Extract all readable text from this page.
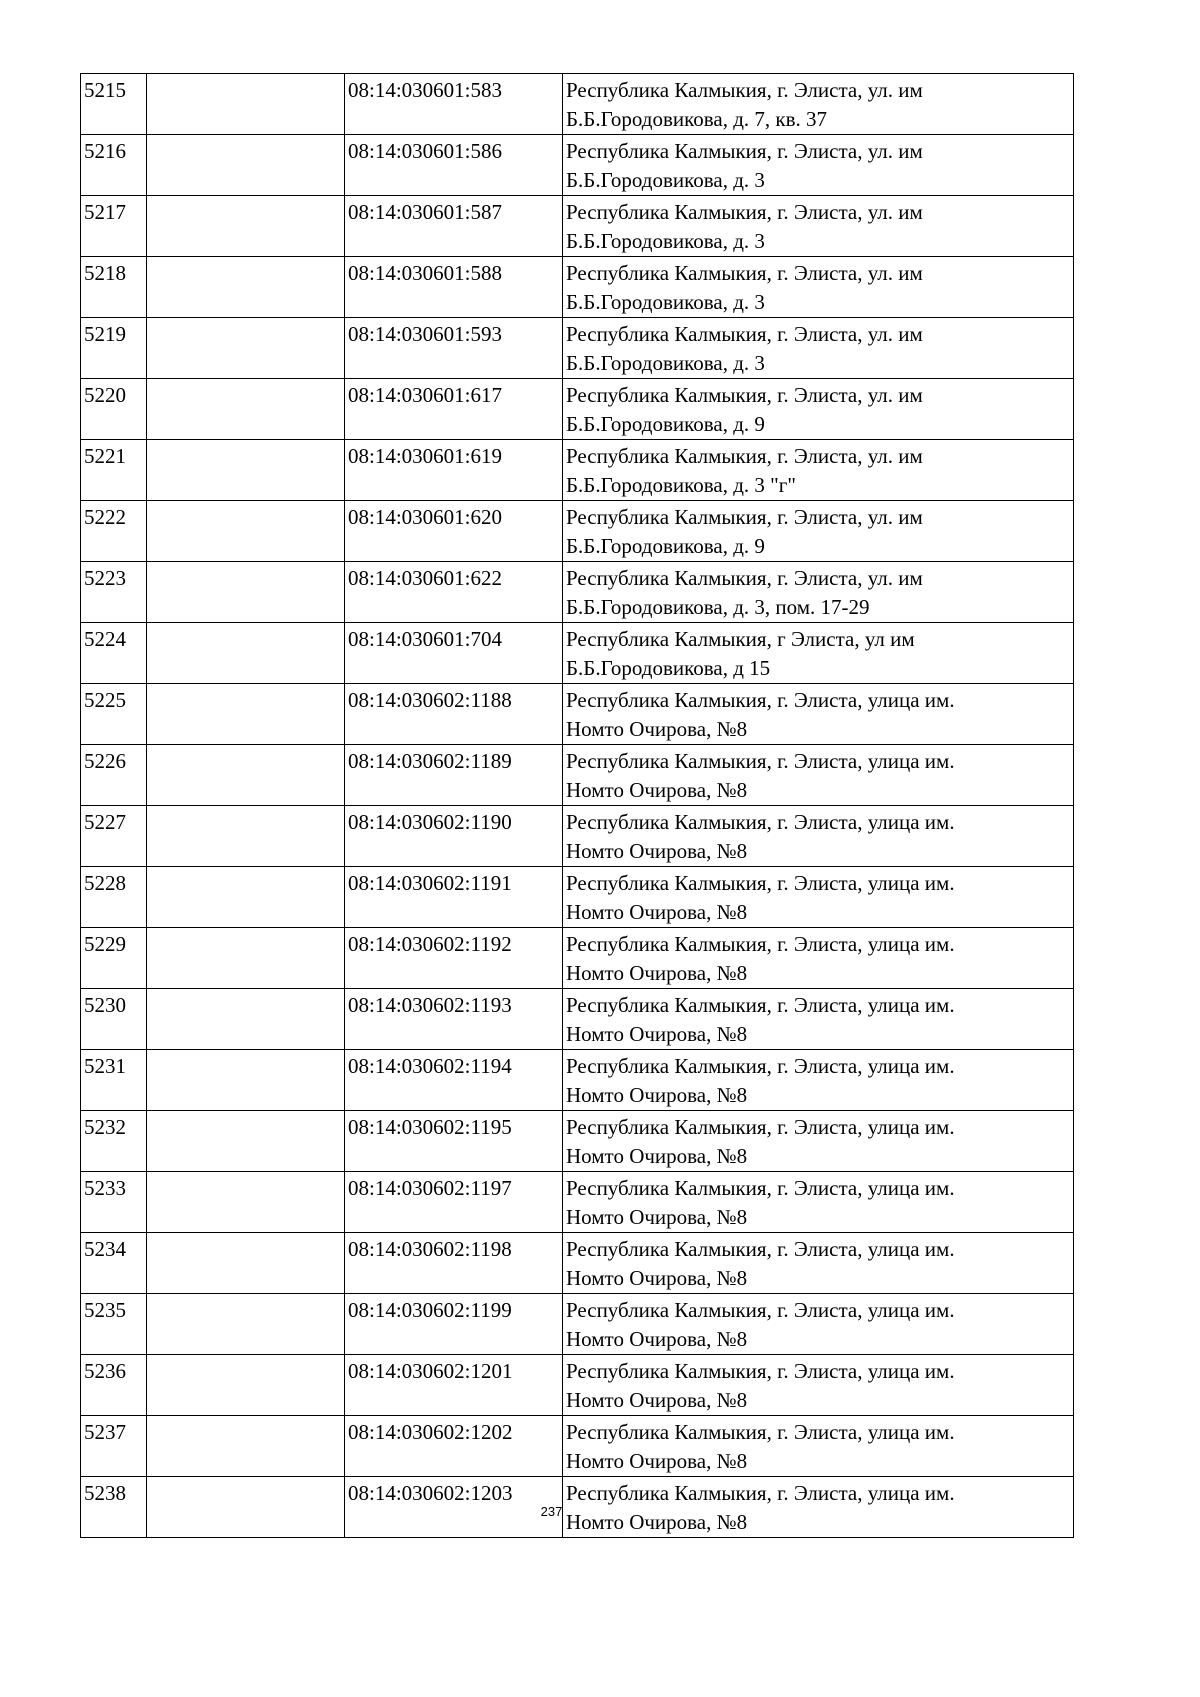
5215		08:14:030601:583	Республика Калмыкия, г. Элиста, ул. им
Б.Б.Городовикова, д. 7, кв. 37

5216		08:14:030601:586	Республика Калмыкия, г. Элиста, ул. им
Б.Б.Городовикова, д. 3

5217		08:14:030601:587	Республика Калмыкия, г. Элиста, ул. им
Б.Б.Городовикова, д. 3

5218		08:14:030601:588	Республика Калмыкия, г. Элиста, ул. им
Б.Б.Городовикова, д. 3

5219		08:14:030601:593	Республика Калмыкия, г. Элиста, ул. им
Б.Б.Городовикова, д. 3

5220		08:14:030601:617	Республика Калмыкия, г. Элиста, ул. им
Б.Б.Городовикова, д. 9

5221		08:14:030601:619	Республика Калмыкия, г. Элиста, ул. им
Б.Б.Городовикова, д. 3 "г"

5222		08:14:030601:620	Республика Калмыкия, г. Элиста, ул. им
Б.Б.Городовикова, д. 9

5223		08:14:030601:622	Республика Калмыкия, г. Элиста, ул. им
Б.Б.Городовикова, д. 3, пом. 17-29

5224		08:14:030601:704	Республика Калмыкия, г Элиста, ул им
Б.Б.Городовикова, д 15

5225		08:14:030602:1188	Республика Калмыкия, г. Элиста, улица им.
Номто Очирова, №8

5226		08:14:030602:1189	Республика Калмыкия, г. Элиста, улица им.
Номто Очирова, №8

5227		08:14:030602:1190	Республика Калмыкия, г. Элиста, улица им.
Номто Очирова, №8

5228		08:14:030602:1191	Республика Калмыкия, г. Элиста, улица им.
Номто Очирова, №8

5229		08:14:030602:1192	Республика Калмыкия, г. Элиста, улица им.
Номто Очирова, №8

5230		08:14:030602:1193	Республика Калмыкия, г. Элиста, улица им.
Номто Очирова, №8

5231		08:14:030602:1194	Республика Калмыкия, г. Элиста, улица им.
Номто Очирова, №8

5232		08:14:030602:1195	Республика Калмыкия, г. Элиста, улица им.
Номто Очирова, №8

5233		08:14:030602:1197	Республика Калмыкия, г. Элиста, улица им.
Номто Очирова, №8

5234		08:14:030602:1198	Республика Калмыкия, г. Элиста, улица им.
Номто Очирова, №8

5235		08:14:030602:1199	Республика Калмыкия, г. Элиста, улица им.
Номто Очирова, №8

5236		08:14:030602:1201	Республика Калмыкия, г. Элиста, улица им.
Номто Очирова, №8

5237		08:14:030602:1202	Республика Калмыкия, г. Элиста, улица им.
Номто Очирова, №8

5238		08:14:030602:1203	Республика Калмыкия, г. Элиста, улица им.
Номто Очирова, №8
237
